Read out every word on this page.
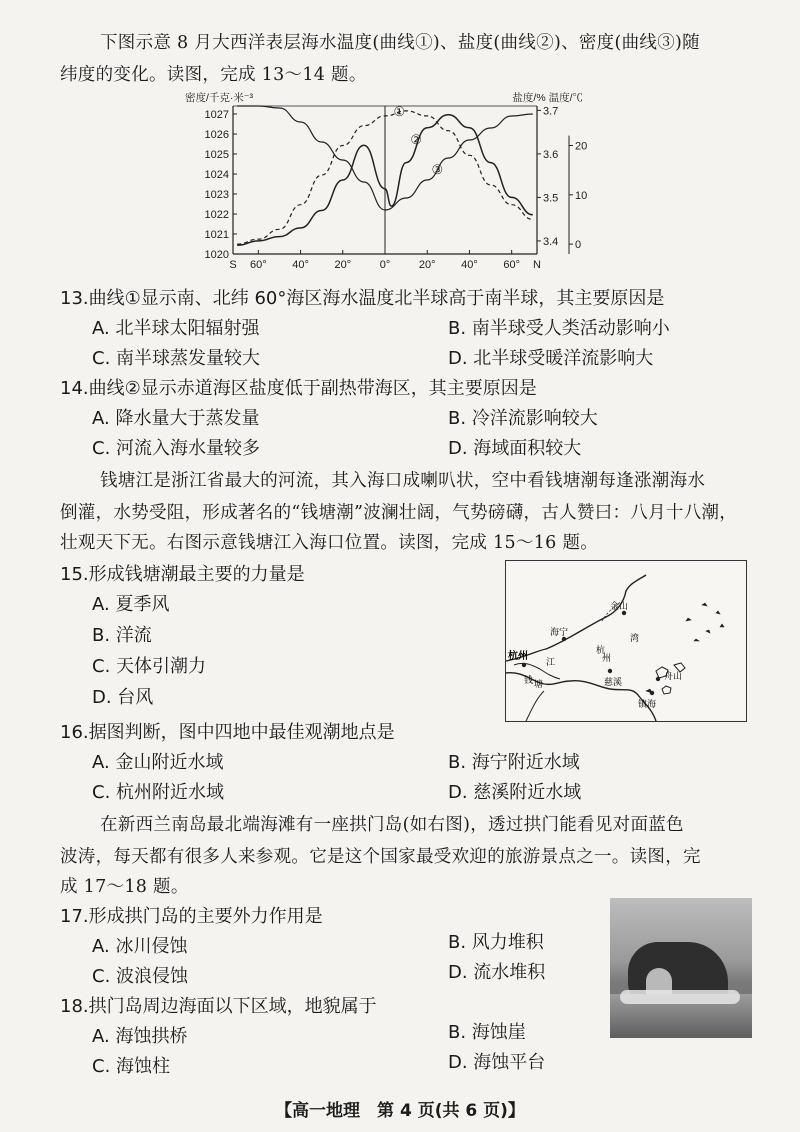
下图示意 8 月大西洋表层海水温度(曲线①)、盐度(曲线②)、密度(曲线③)随
纬度的变化。读图，完成 13～14 题。
密度/千克·米⁻³	盐度/% 温度/℃
1027
1026
1025
1024
1023
1022
1021
1020
3.7
3.6
3.5
3.4
20
10
0
S 60° 40° 20°	0°	20° 40° 60° N
①
②
③
13.曲线①显示南、北纬 60°海区海水温度北半球高于南半球，其主要原因是
A. 北半球太阳辐射强	B. 南半球受人类活动影响小
C. 南半球蒸发量较大	D. 北半球受暖洋流影响大
14.曲线②显示赤道海区盐度低于副热带海区，其主要原因是
A. 降水量大于蒸发量	B. 冷洋流影响较大
C. 河流入海水量较多	D. 海域面积较大
钱塘江是浙江省最大的河流，其入海口成喇叭状，空中看钱塘潮每逢涨潮海水
倒灌，水势受阻，形成著名的“钱塘潮”波澜壮阔，气势磅礴，古人赞曰：八月十八潮，
壮观天下无。右图示意钱塘江入海口位置。读图，完成 15～16 题。
15.形成钱塘潮最主要的力量是
A. 夏季风
B. 洋流
C. 天体引潮力
D. 台风
金山
海宁
杭州
湾
钱 塘
江
杭
州
慈溪
舟山
镇海
16.据图判断，图中四地中最佳观潮地点是
A. 金山附近水域	B. 海宁附近水域
C. 杭州附近水域	D. 慈溪附近水域
在新西兰南岛最北端海滩有一座拱门岛(如右图)，透过拱门能看见对面蓝色
波涛，每天都有很多人来参观。它是这个国家最受欢迎的旅游景点之一。读图，完
成 17～18 题。
17.形成拱门岛的主要外力作用是
A. 冰川侵蚀	B. 风力堆积
C. 波浪侵蚀	D. 流水堆积
18.拱门岛周边海面以下区域，地貌属于
A. 海蚀拱桥	B. 海蚀崖
C. 海蚀柱	D. 海蚀平台
【高一地理　第 4 页(共 6 页)】
